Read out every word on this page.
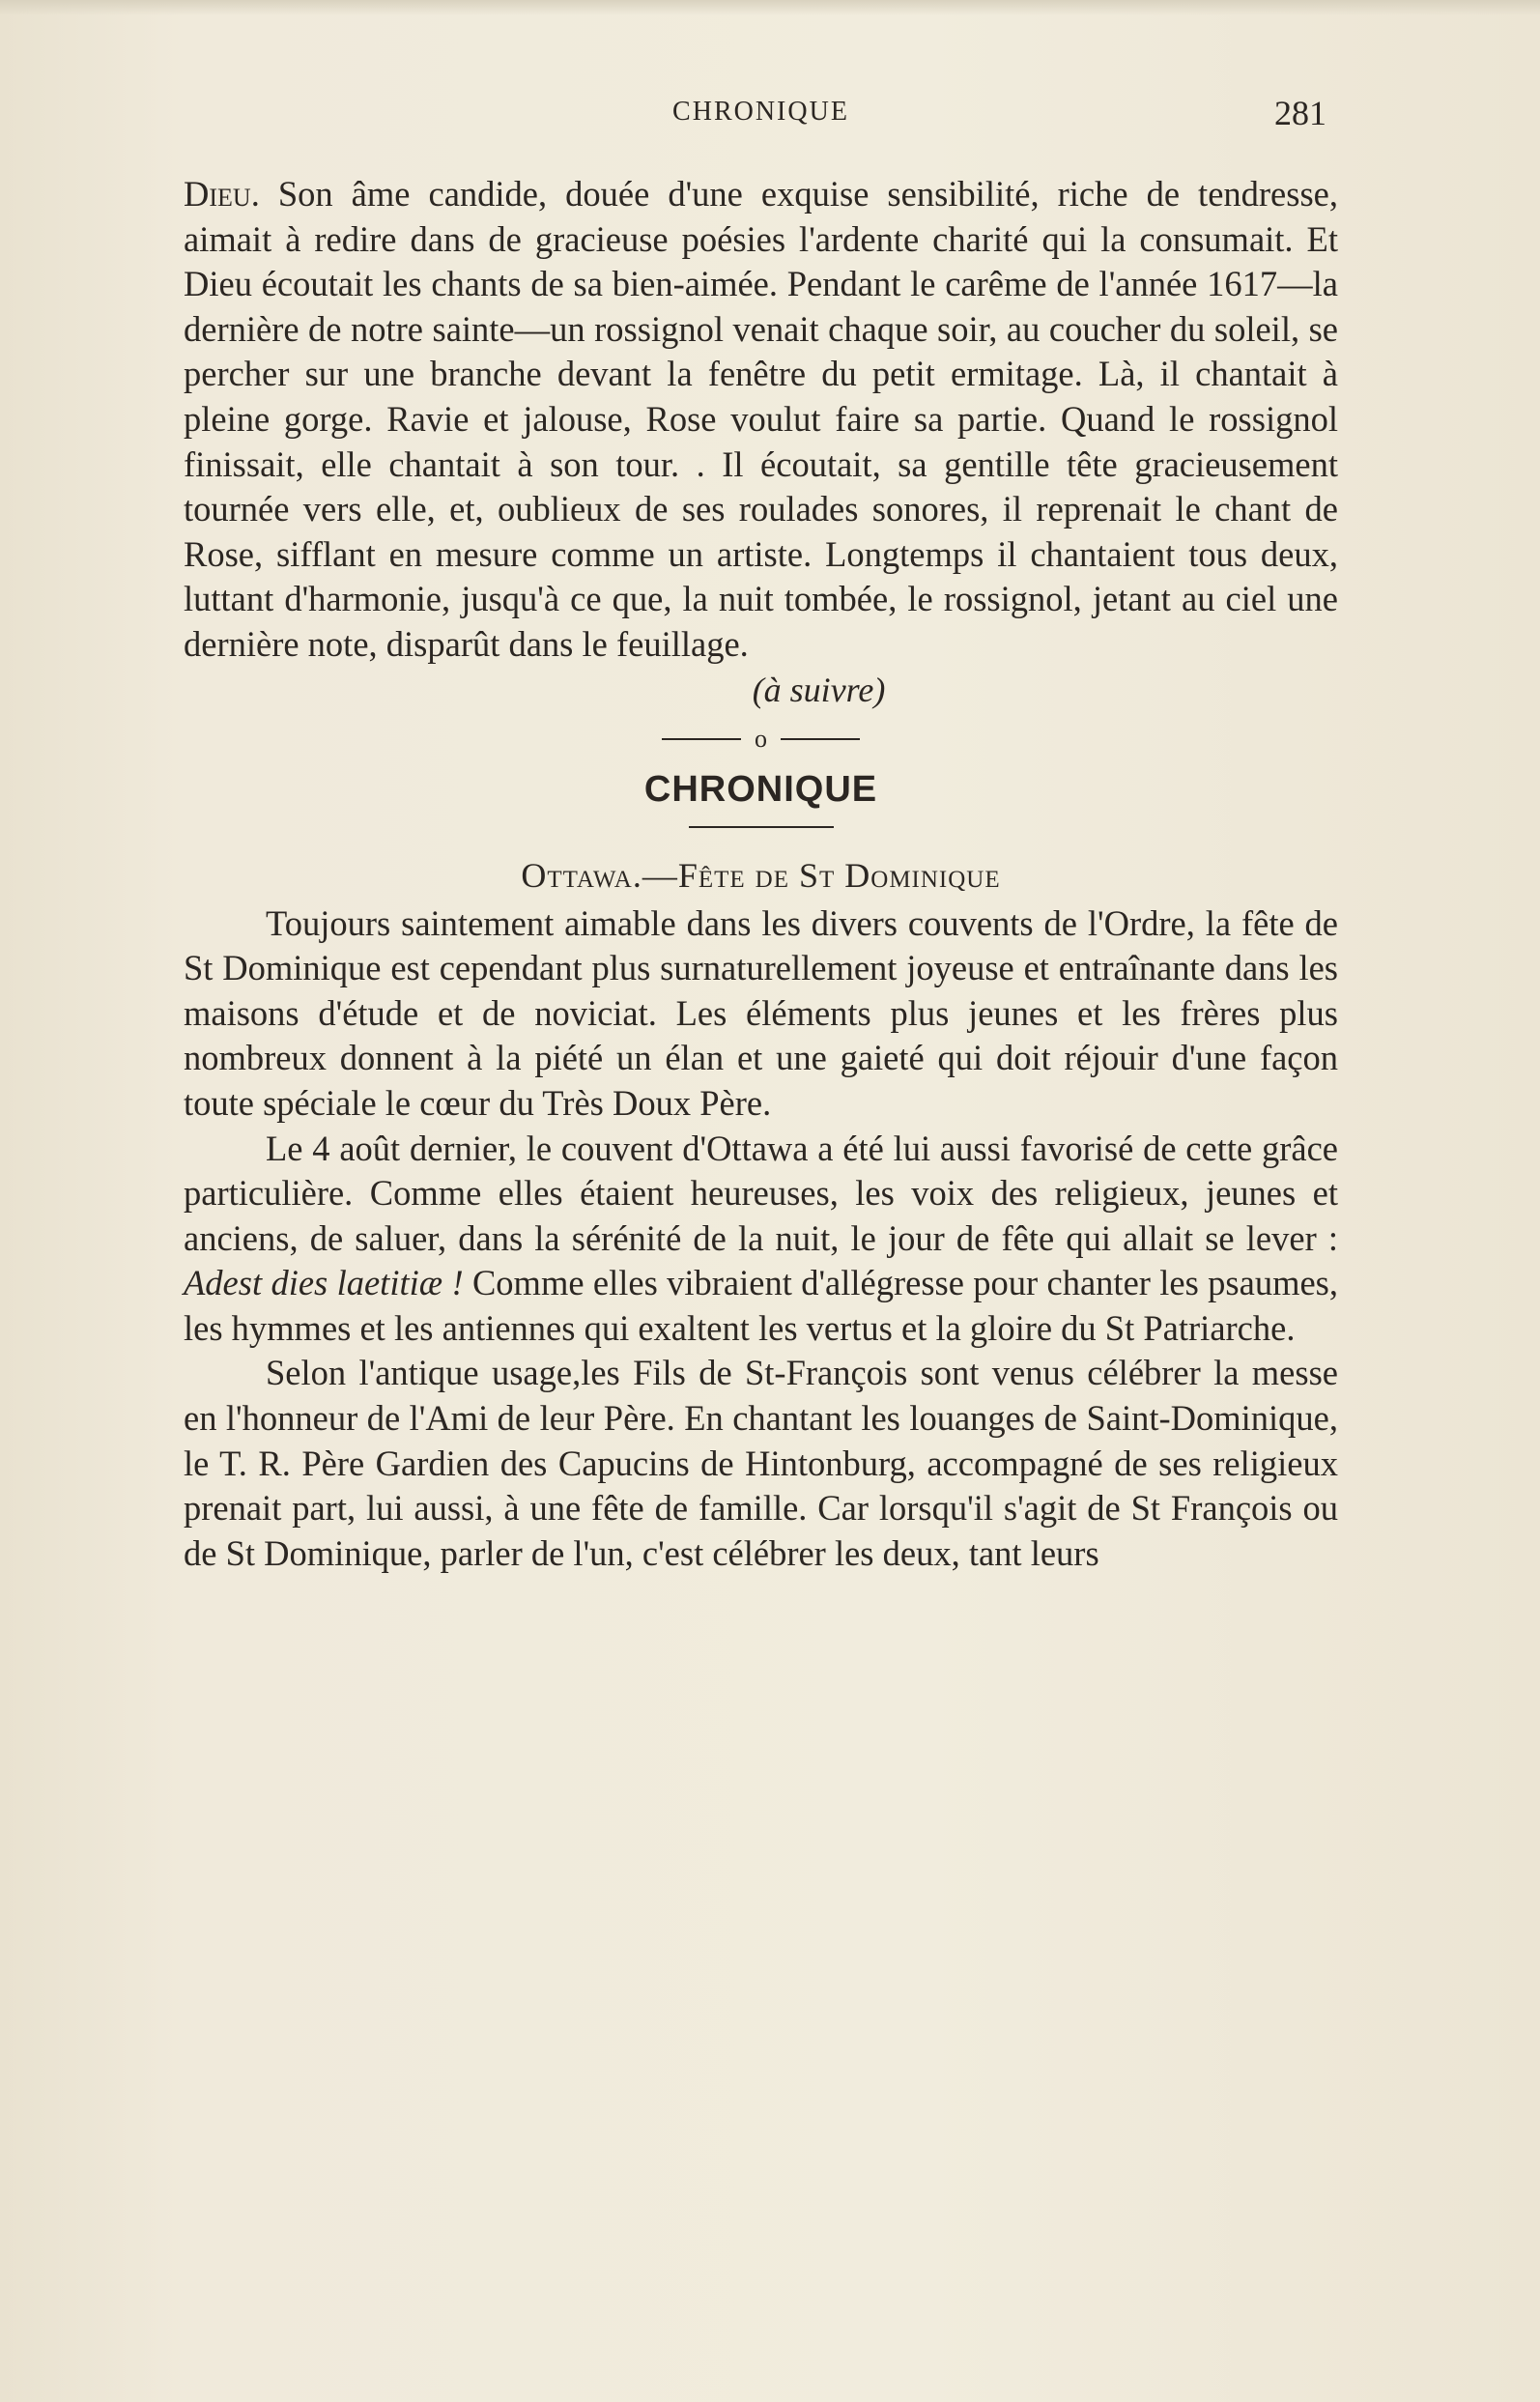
CHRONIQUE	281

Dieu. Son âme candide, douée d'une exquise sensibilité, riche de tendresse, aimait à redire dans de gracieuse poésies l'ardente charité qui la consumait. Et Dieu écoutait les chants de sa bien-aimée. Pendant le carême de l'année 1617—la dernière de notre sainte—un rossignol venait chaque soir, au coucher du soleil, se percher sur une branche devant la fenêtre du petit ermitage. Là, il chantait à pleine gorge. Ravie et jalouse, Rose voulut faire sa partie. Quand le rossignol finissait, elle chantait à son tour. . Il écoutait, sa gentille tête gracieusement tournée vers elle, et, oublieux de ses roulades sonores, il reprenait le chant de Rose, sifflant en mesure comme un artiste. Longtemps il chantaient tous deux, luttant d'harmonie, jusqu'à ce que, la nuit tombée, le rossignol, jetant au ciel une dernière note, disparût dans le feuillage.

(à suivre)
o
CHRONIQUE
Ottawa.—Fête de St Dominique

Toujours saintement aimable dans les divers couvents de l'Ordre, la fête de St Dominique est cependant plus surnaturellement joyeuse et entraînante dans les maisons d'étude et de noviciat. Les éléments plus jeunes et les frères plus nombreux donnent à la piété un élan et une gaieté qui doit réjouir d'une façon toute spéciale le cœur du Très Doux Père.

Le 4 août dernier, le couvent d'Ottawa a été lui aussi favorisé de cette grâce particulière. Comme elles étaient heureuses, les voix des religieux, jeunes et anciens, de saluer, dans la sérénité de la nuit, le jour de fête qui allait se lever : Adest dies laetitiæ ! Comme elles vibraient d'allégresse pour chanter les psaumes, les hymmes et les antiennes qui exaltent les vertus et la gloire du St Patriarche.

Selon l'antique usage,les Fils de St-François sont venus célébrer la messe en l'honneur de l'Ami de leur Père. En chantant les louanges de Saint-Dominique, le T. R. Père Gardien des Capucins de Hintonburg, accompagné de ses religieux prenait part, lui aussi, à une fête de famille. Car lorsqu'il s'agit de St François ou de St Dominique, parler de l'un, c'est célébrer les deux, tant leurs
